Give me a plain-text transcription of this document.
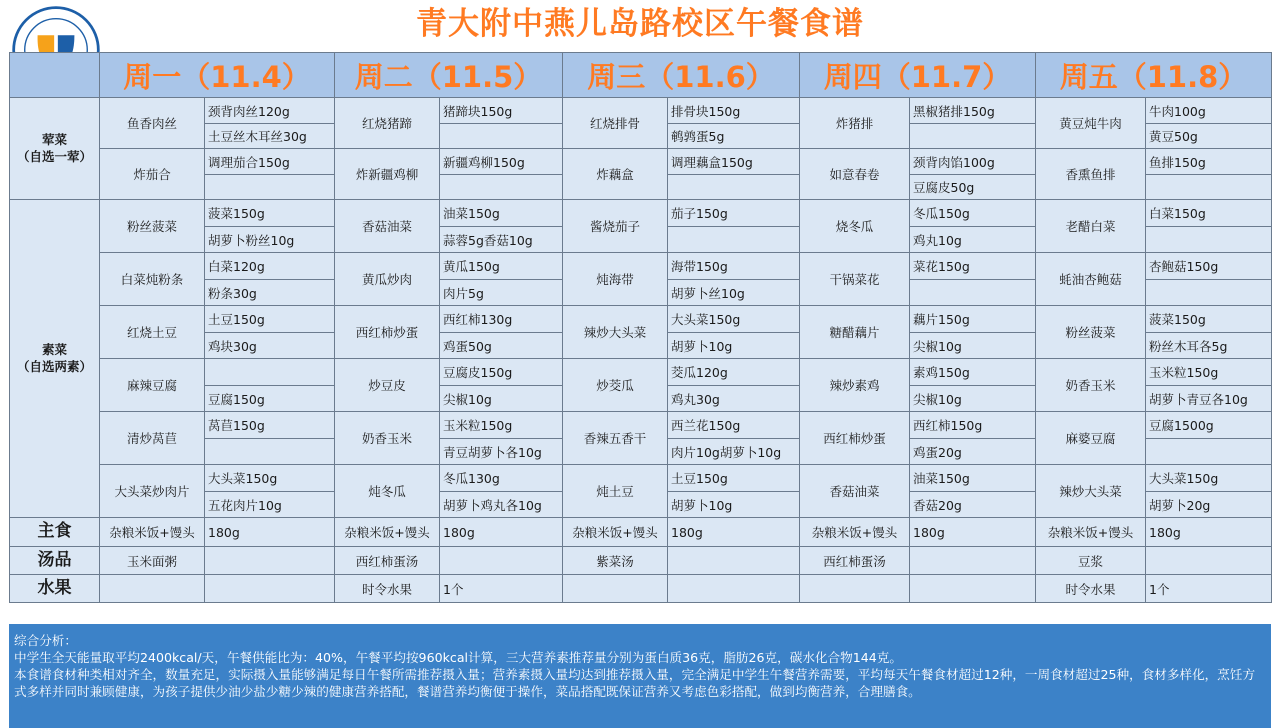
青大附中燕儿岛路校区午餐食谱
	周一（11.4）		周二（11.5）		周三（11.6）		周四（11.7）		周五（11.8）	
荤菜
（自选一荤）	鱼香肉丝	颈背肉丝120g	红烧猪蹄	猪蹄块150g	红烧排骨	排骨块150g	炸猪排	黑椒猪排150g	黄豆炖牛肉	牛肉100g
		土豆丝木耳丝30g				鹌鹑蛋5g				黄豆50g
	炸茄合	调理茄合150g	炸新疆鸡柳	新疆鸡柳150g	炸藕盒	调理藕盒150g	如意春卷	颈背肉馅100g	香熏鱼排	鱼排150g
								豆腐皮50g		
素菜
（自选两素）	粉丝菠菜	菠菜150g	香菇油菜	油菜150g	酱烧茄子	茄子150g	烧冬瓜	冬瓜150g	老醋白菜	白菜150g
		胡萝卜粉丝10g		蒜蓉5g香菇10g				鸡丸10g		
	白菜炖粉条	白菜120g	黄瓜炒肉	黄瓜150g	炖海带	海带150g	干锅菜花	菜花150g	蚝油杏鲍菇	杏鲍菇150g
		粉条30g		肉片5g		胡萝卜丝10g				
	红烧土豆	土豆150g	西红柿炒蛋	西红柿130g	辣炒大头菜	大头菜150g	糖醋藕片	藕片150g	粉丝菠菜	菠菜150g
		鸡块30g		鸡蛋50g		胡萝卜10g		尖椒10g		粉丝木耳各5g
	麻辣豆腐		炒豆皮	豆腐皮150g	炒茭瓜	茭瓜120g	辣炒素鸡	素鸡150g	奶香玉米	玉米粒150g
		豆腐150g		尖椒10g		鸡丸30g		尖椒10g		胡萝卜青豆各10g
	清炒莴苣	莴苣150g	奶香玉米	玉米粒150g	香辣五香干	西兰花150g	西红柿炒蛋	西红柿150g	麻婆豆腐	豆腐1500g
				青豆胡萝卜各10g		肉片10g胡萝卜10g		鸡蛋20g		
	大头菜炒肉片	大头菜150g	炖冬瓜	冬瓜130g	炖土豆	土豆150g	香菇油菜	油菜150g	辣炒大头菜	大头菜150g
		五花肉片10g		胡萝卜鸡丸各10g		胡萝卜10g		香菇20g		胡萝卜20g
主食	杂粮米饭+馒头	180g	杂粮米饭+馒头	180g	杂粮米饭+馒头	180g	杂粮米饭+馒头	180g	杂粮米饭+馒头	180g
汤品	玉米面粥		西红柿蛋汤		紫菜汤		西红柿蛋汤		豆浆	
水果			时令水果	1个					时令水果	1个
综合分析：
中学生全天能量取平均2400kcal/天，午餐供能比为：40%，午餐平均按960kcal计算，三大营养素推荐量分别为蛋白质36克，脂肪26克，碳水化合物144克。
本食谱食材种类相对齐全，数量充足，实际摄入量能够满足每日午餐所需推荐摄入量；营养素摄入量均达到推荐摄入量，完全满足中学生午餐营养需要，平均每天午餐食材超过12种，一周食材超过25种，食材多样化，烹饪方式多样并同时兼顾健康，为孩子提供少油少盐少糖少辣的健康营养搭配，餐谱营养均衡便于操作，菜品搭配既保证营养又考虑色彩搭配，做到均衡营养，合理膳食。
